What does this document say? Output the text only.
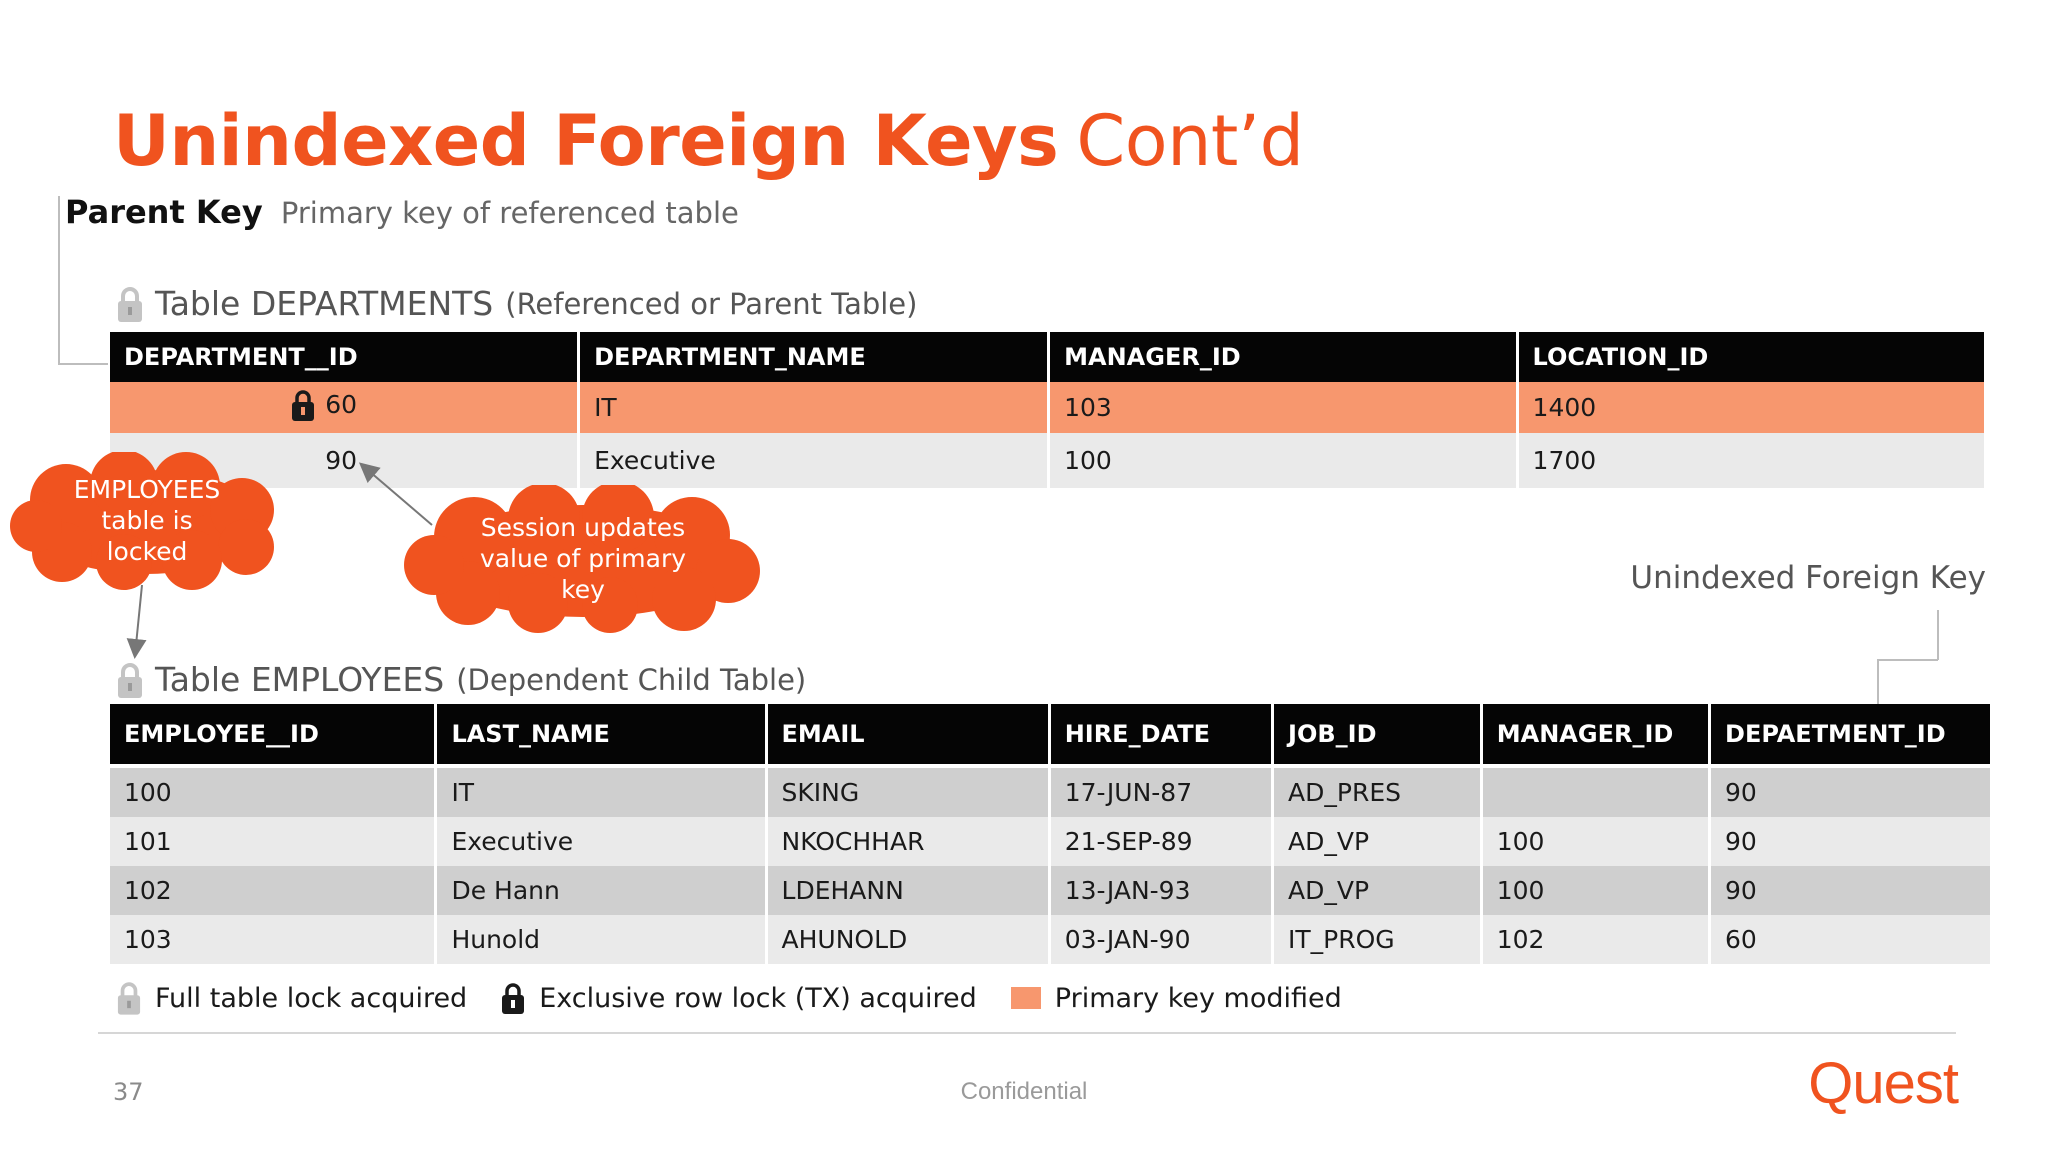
Unindexed Foreign Keys Cont’d
Parent Key Primary key of referenced table
Table DEPARTMENTS (Referenced or Parent Table)
DEPARTMENT__ID	DEPARTMENT_NAME	MANAGER_ID	LOCATION_ID

60	IT	103	1400
90	Executive	100	1700
EMPLOYEES
table is
locked
Session updates
value of primary
key	Unindexed Foreign Key
Table EMPLOYEES (Dependent Child Table)
EMPLOYEE__ID	LAST_NAME	EMAIL	HIRE_DATE	JOB_ID	MANAGER_ID	DEPAETMENT_ID

100	IT	SKING	17-JUN-87	AD_PRES		90
101	Executive	NKOCHHAR	21-SEP-89	AD_VP	100	90
102	De Hann	LDEHANN	13-JAN-93	AD_VP	100	90
103	Hunold	AHUNOLD	03-JAN-90	IT_PROG	102	60
Full table lock acquired	Exclusive row lock (TX) acquired	Primary key modified
37	Confidential	Quest
